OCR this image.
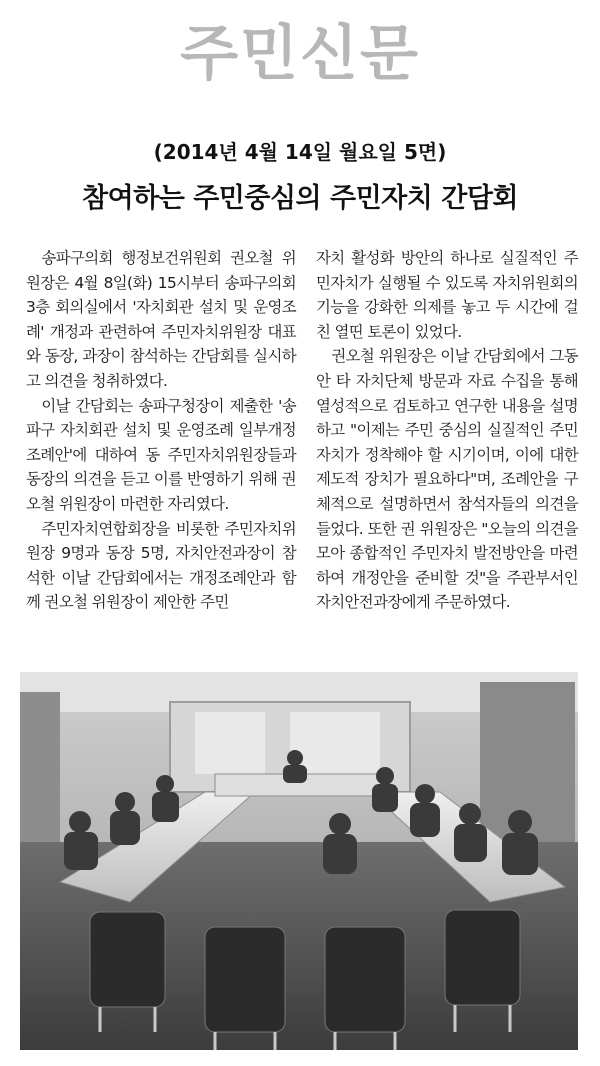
주민신문
(2014년 4월 14일 월요일 5면)
참여하는 주민중심의 주민자치 간담회

송파구의회 행정보건위원회 권오철 위원장은 4월 8일(화) 15시부터 송파구의회 3층 회의실에서 '자치회관 설치 및 운영조례' 개정과 관련하여 주민자치위원장 대표와 동장, 과장이 참석하는 간담회를 실시하고 의견을 청취하였다.

이날 간담회는 송파구청장이 제출한 '송파구 자치회관 설치 및 운영조례 일부개정조례안'에 대하여 동 주민자치위원장들과 동장의 의견을 듣고 이를 반영하기 위해 권오철 위원장이 마련한 자리였다.

주민자치연합회장을 비롯한 주민자치위원장 9명과 동장 5명, 자치안전과장이 참석한 이날 간담회에서는 개정조례안과 함께 권오철 위원장이 제안한 주민

자치 활성화 방안의 하나로 실질적인 주민자치가 실행될 수 있도록 자치위원회의 기능을 강화한 의제를 놓고 두 시간에 걸친 열띤 토론이 있었다.

권오철 위원장은 이날 간담회에서 그동안 타 자치단체 방문과 자료 수집을 통해 열성적으로 검토하고 연구한 내용을 설명하고 "이제는 주민 중심의 실질적인 주민자치가 정착해야 할 시기이며, 이에 대한 제도적 장치가 필요하다"며, 조례안을 구체적으로 설명하면서 참석자들의 의견을 들었다. 또한 권 위원장은 "오늘의 의견을 모아 종합적인 주민자치 발전방안을 마련하여 개정안을 준비할 것"을 주관부서인 자치안전과장에게 주문하였다.
